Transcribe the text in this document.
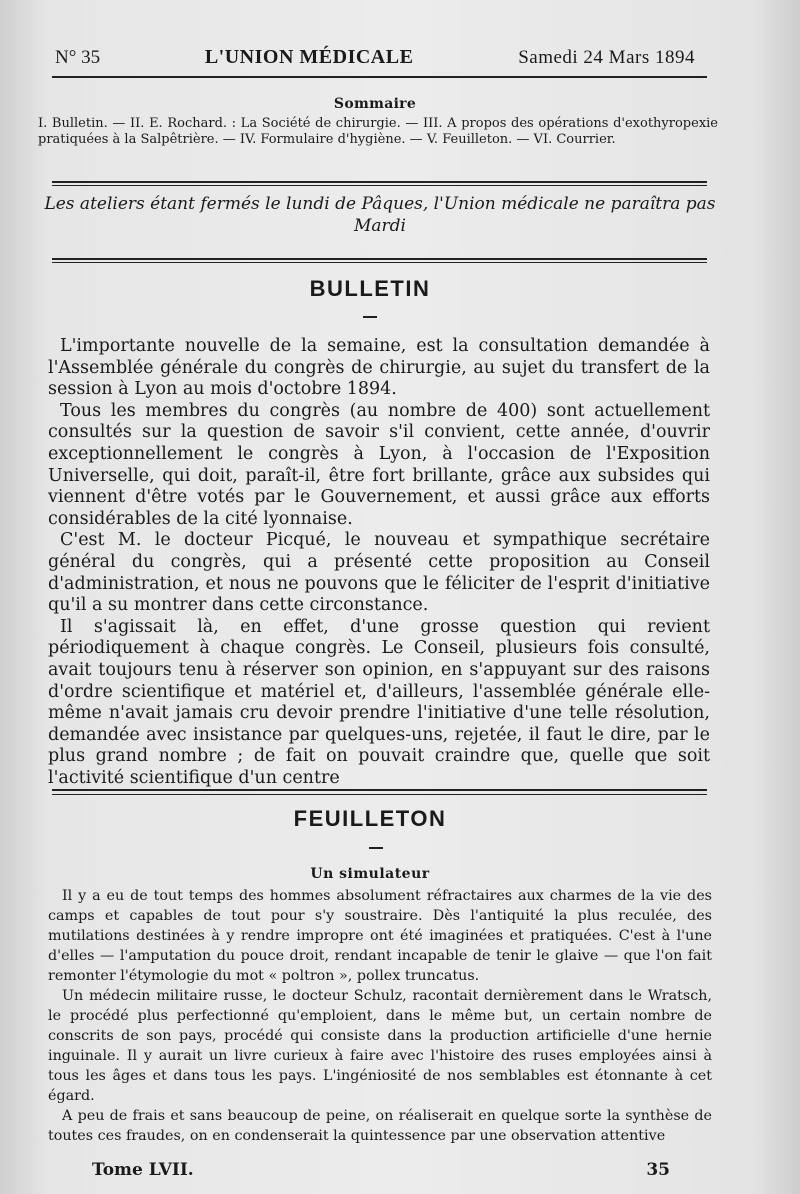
N° 35	L'UNION MÉDICALE	Samedi 24 Mars 1894
Sommaire
I. Bulletin. — II. E. Rochard. : La Société de chirurgie. — III. A propos des opérations d'exothyropexie pratiquées à la Salpêtrière. — IV. Formulaire d'hygiène. — V. Feuilleton. — VI. Courrier.
Les ateliers étant fermés le lundi de Pâques, l'Union médicale ne paraîtra pas Mardi
BULLETIN

L'importante nouvelle de la semaine, est la consultation demandée à l'Assemblée générale du congrès de chirurgie, au sujet du transfert de la session à Lyon au mois d'octobre 1894.

Tous les membres du congrès (au nombre de 400) sont actuellement consultés sur la question de savoir s'il convient, cette année, d'ouvrir exceptionnellement le congrès à Lyon, à l'occasion de l'Exposition Universelle, qui doit, paraît-il, être fort brillante, grâce aux subsides qui viennent d'être votés par le Gouvernement, et aussi grâce aux efforts considérables de la cité lyonnaise.

C'est M. le docteur Picqué, le nouveau et sympathique secrétaire général du congrès, qui a présenté cette proposition au Conseil d'administration, et nous ne pouvons que le féliciter de l'esprit d'initiative qu'il a su montrer dans cette circonstance.

Il s'agissait là, en effet, d'une grosse question qui revient périodiquement à chaque congrès. Le Conseil, plusieurs fois consulté, avait toujours tenu à réserver son opinion, en s'appuyant sur des raisons d'ordre scientifique et matériel et, d'ailleurs, l'assemblée générale elle-même n'avait jamais cru devoir prendre l'initiative d'une telle résolution, demandée avec insistance par quelques-uns, rejetée, il faut le dire, par le plus grand nombre ; de fait on pouvait craindre que, quelle que soit l'activité scientifique d'un centre

FEUILLETON
Un simulateur

Il y a eu de tout temps des hommes absolument réfractaires aux charmes de la vie des camps et capables de tout pour s'y soustraire. Dès l'antiquité la plus reculée, des mutilations destinées à y rendre impropre ont été imaginées et pratiquées. C'est à l'une d'elles — l'amputation du pouce droit, rendant incapable de tenir le glaive — que l'on fait remonter l'étymologie du mot « poltron », pollex truncatus.

Un médecin militaire russe, le docteur Schulz, racontait dernièrement dans le Wratsch, le procédé plus perfectionné qu'emploient, dans le même but, un certain nombre de conscrits de son pays, procédé qui consiste dans la production artificielle d'une hernie inguinale. Il y aurait un livre curieux à faire avec l'histoire des ruses employées ainsi à tous les âges et dans tous les pays. L'ingéniosité de nos semblables est étonnante à cet égard.

A peu de frais et sans beaucoup de peine, on réaliserait en quelque sorte la synthèse de toutes ces fraudes, on en condenserait la quintessence par une observation attentive

Tome LVII.	35
